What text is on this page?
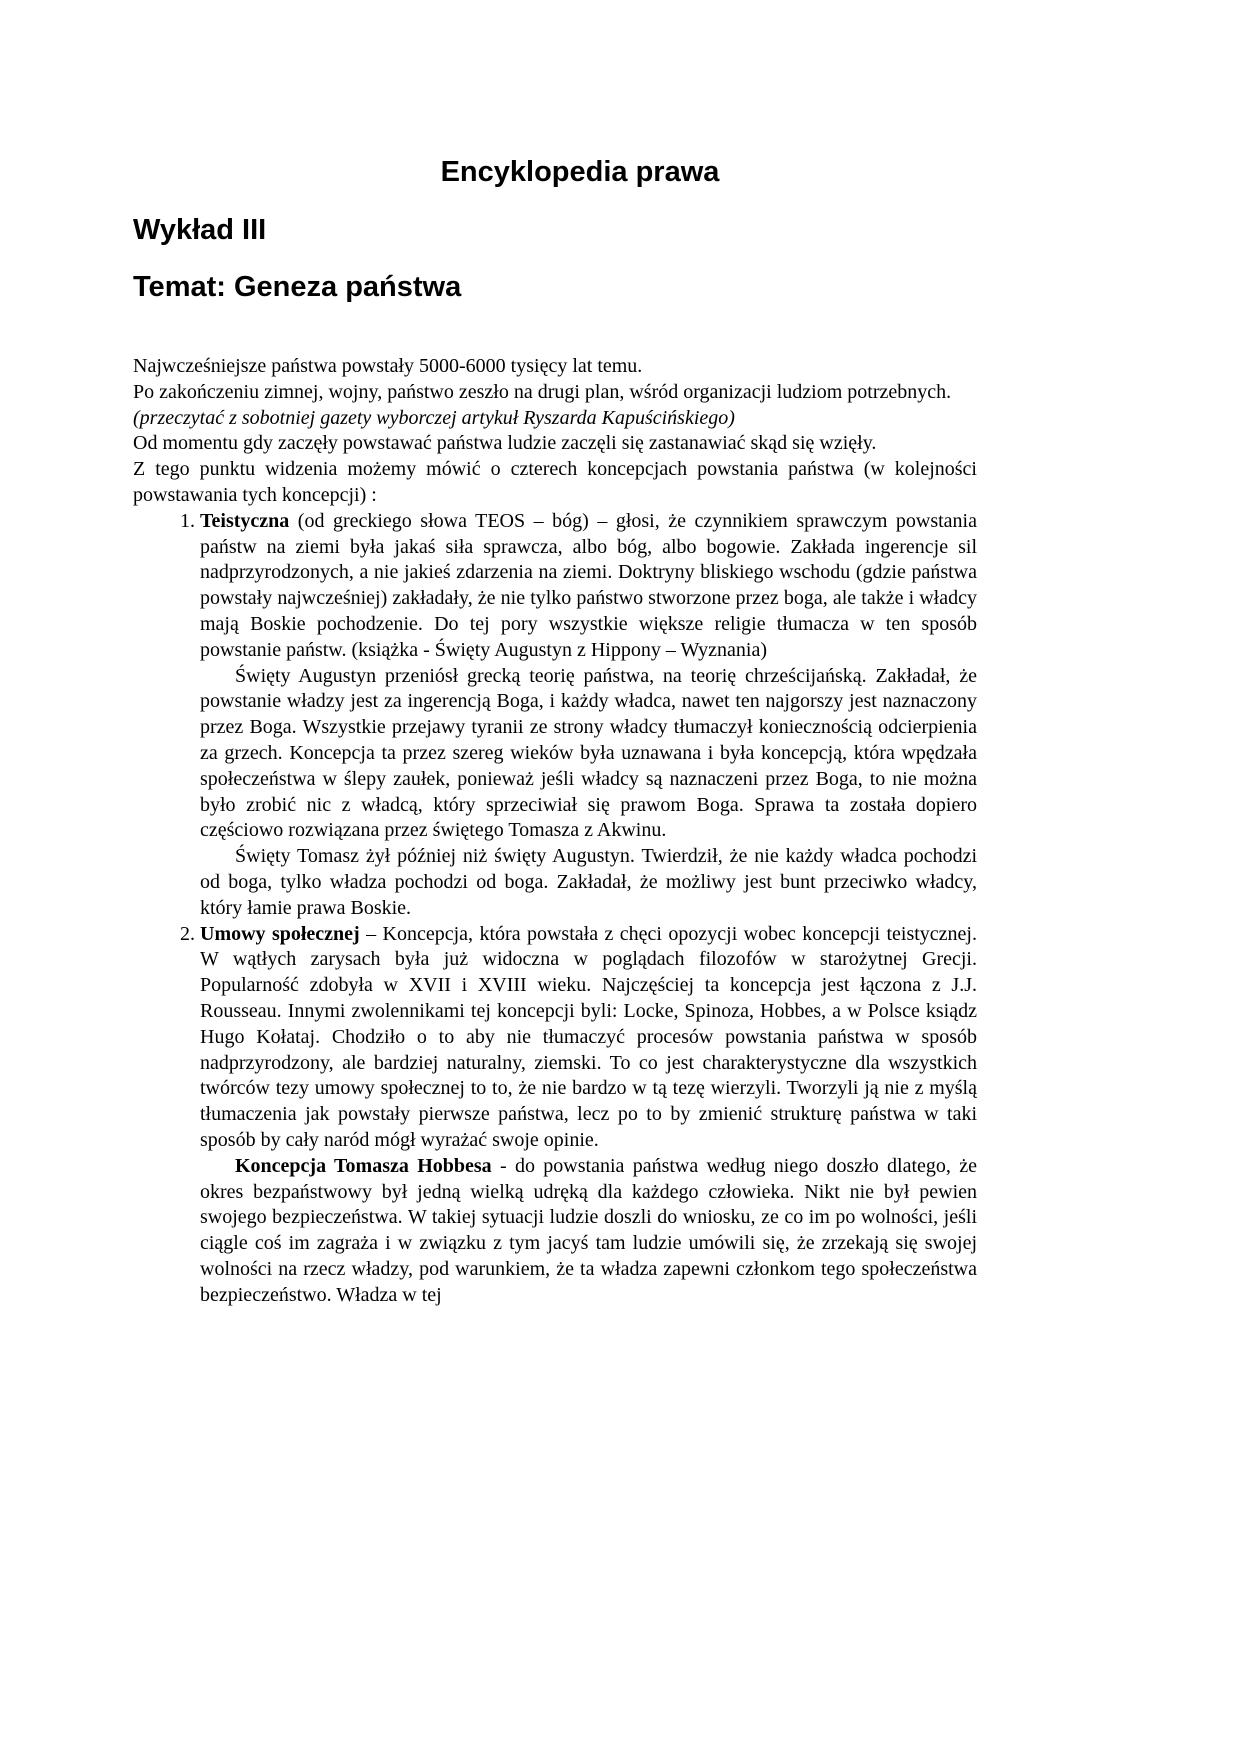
Encyklopedia prawa
Wykład III
Temat: Geneza państwa

Najwcześniejsze państwa powstały 5000-6000 tysięcy lat temu.

Po zakończeniu zimnej, wojny, państwo zeszło na drugi plan, wśród organizacji ludziom potrzebnych.

(przeczytać z sobotniej gazety wyborczej artykuł Ryszarda Kapuścińskiego)

Od momentu gdy zaczęły powstawać państwa ludzie zaczęli się zastanawiać skąd się wzięły.

Z tego punktu widzenia możemy mówić o czterech koncepcjach powstania państwa (w kolejności powstawania tych koncepcji) :

1. Teistyczna (od greckiego słowa TEOS – bóg) – głosi, że czynnikiem sprawczym powstania państw na ziemi była jakaś siła sprawcza, albo bóg, albo bogowie. Zakłada ingerencje sil nadprzyrodzonych, a nie jakieś zdarzenia na ziemi. Doktryny bliskiego wschodu (gdzie państwa powstały najwcześniej) zakładały, że nie tylko państwo stworzone przez boga, ale także i władcy mają Boskie pochodzenie. Do tej pory wszystkie większe religie tłumacza w ten sposób powstanie państw. (książka - Święty Augustyn z Hippony – Wyznania)

Święty Augustyn przeniósł grecką teorię państwa, na teorię chrześcijańską. Zakładał, że powstanie władzy jest za ingerencją Boga, i każdy władca, nawet ten najgorszy jest naznaczony przez Boga. Wszystkie przejawy tyranii ze strony władcy tłumaczył koniecznością odcierpienia za grzech. Koncepcja ta przez szereg wieków była uznawana i była koncepcją, która wpędzała społeczeństwa w ślepy zaułek, ponieważ jeśli władcy są naznaczeni przez Boga, to nie można było zrobić nic z władcą, który sprzeciwiał się prawom Boga. Sprawa ta została dopiero częściowo rozwiązana przez świętego Tomasza z Akwinu.

Święty Tomasz żył później niż święty Augustyn. Twierdził, że nie każdy władca pochodzi od boga, tylko władza pochodzi od boga. Zakładał, że możliwy jest bunt przeciwko władcy, który łamie prawa Boskie.

2. Umowy społecznej – Koncepcja, która powstała z chęci opozycji wobec koncepcji teistycznej. W wątłych zarysach była już widoczna w poglądach filozofów w starożytnej Grecji. Popularność zdobyła w XVII i XVIII wieku. Najczęściej ta koncepcja jest łączona z J.J. Rousseau. Innymi zwolennikami tej koncepcji byli: Locke, Spinoza, Hobbes, a w Polsce ksiądz Hugo Kołataj. Chodziło o to aby nie tłumaczyć procesów powstania państwa w sposób nadprzyrodzony, ale bardziej naturalny, ziemski. To co jest charakterystyczne dla wszystkich twórców tezy umowy społecznej to to, że nie bardzo w tą tezę wierzyli. Tworzyli ją nie z myślą tłumaczenia jak powstały pierwsze państwa, lecz po to by zmienić strukturę państwa w taki sposób by cały naród mógł wyrażać swoje opinie.

Koncepcja Tomasza Hobbesa - do powstania państwa według niego doszło dlatego, że okres bezpaństwowy był jedną wielką udręką dla każdego człowieka. Nikt nie był pewien swojego bezpieczeństwa. W takiej sytuacji ludzie doszli do wniosku, ze co im po wolności, jeśli ciągle coś im zagraża i w związku z tym jacyś tam ludzie umówili się, że zrzekają się swojej wolności na rzecz władzy, pod warunkiem, że ta władza zapewni członkom tego społeczeństwa bezpieczeństwo. Władza w tej
